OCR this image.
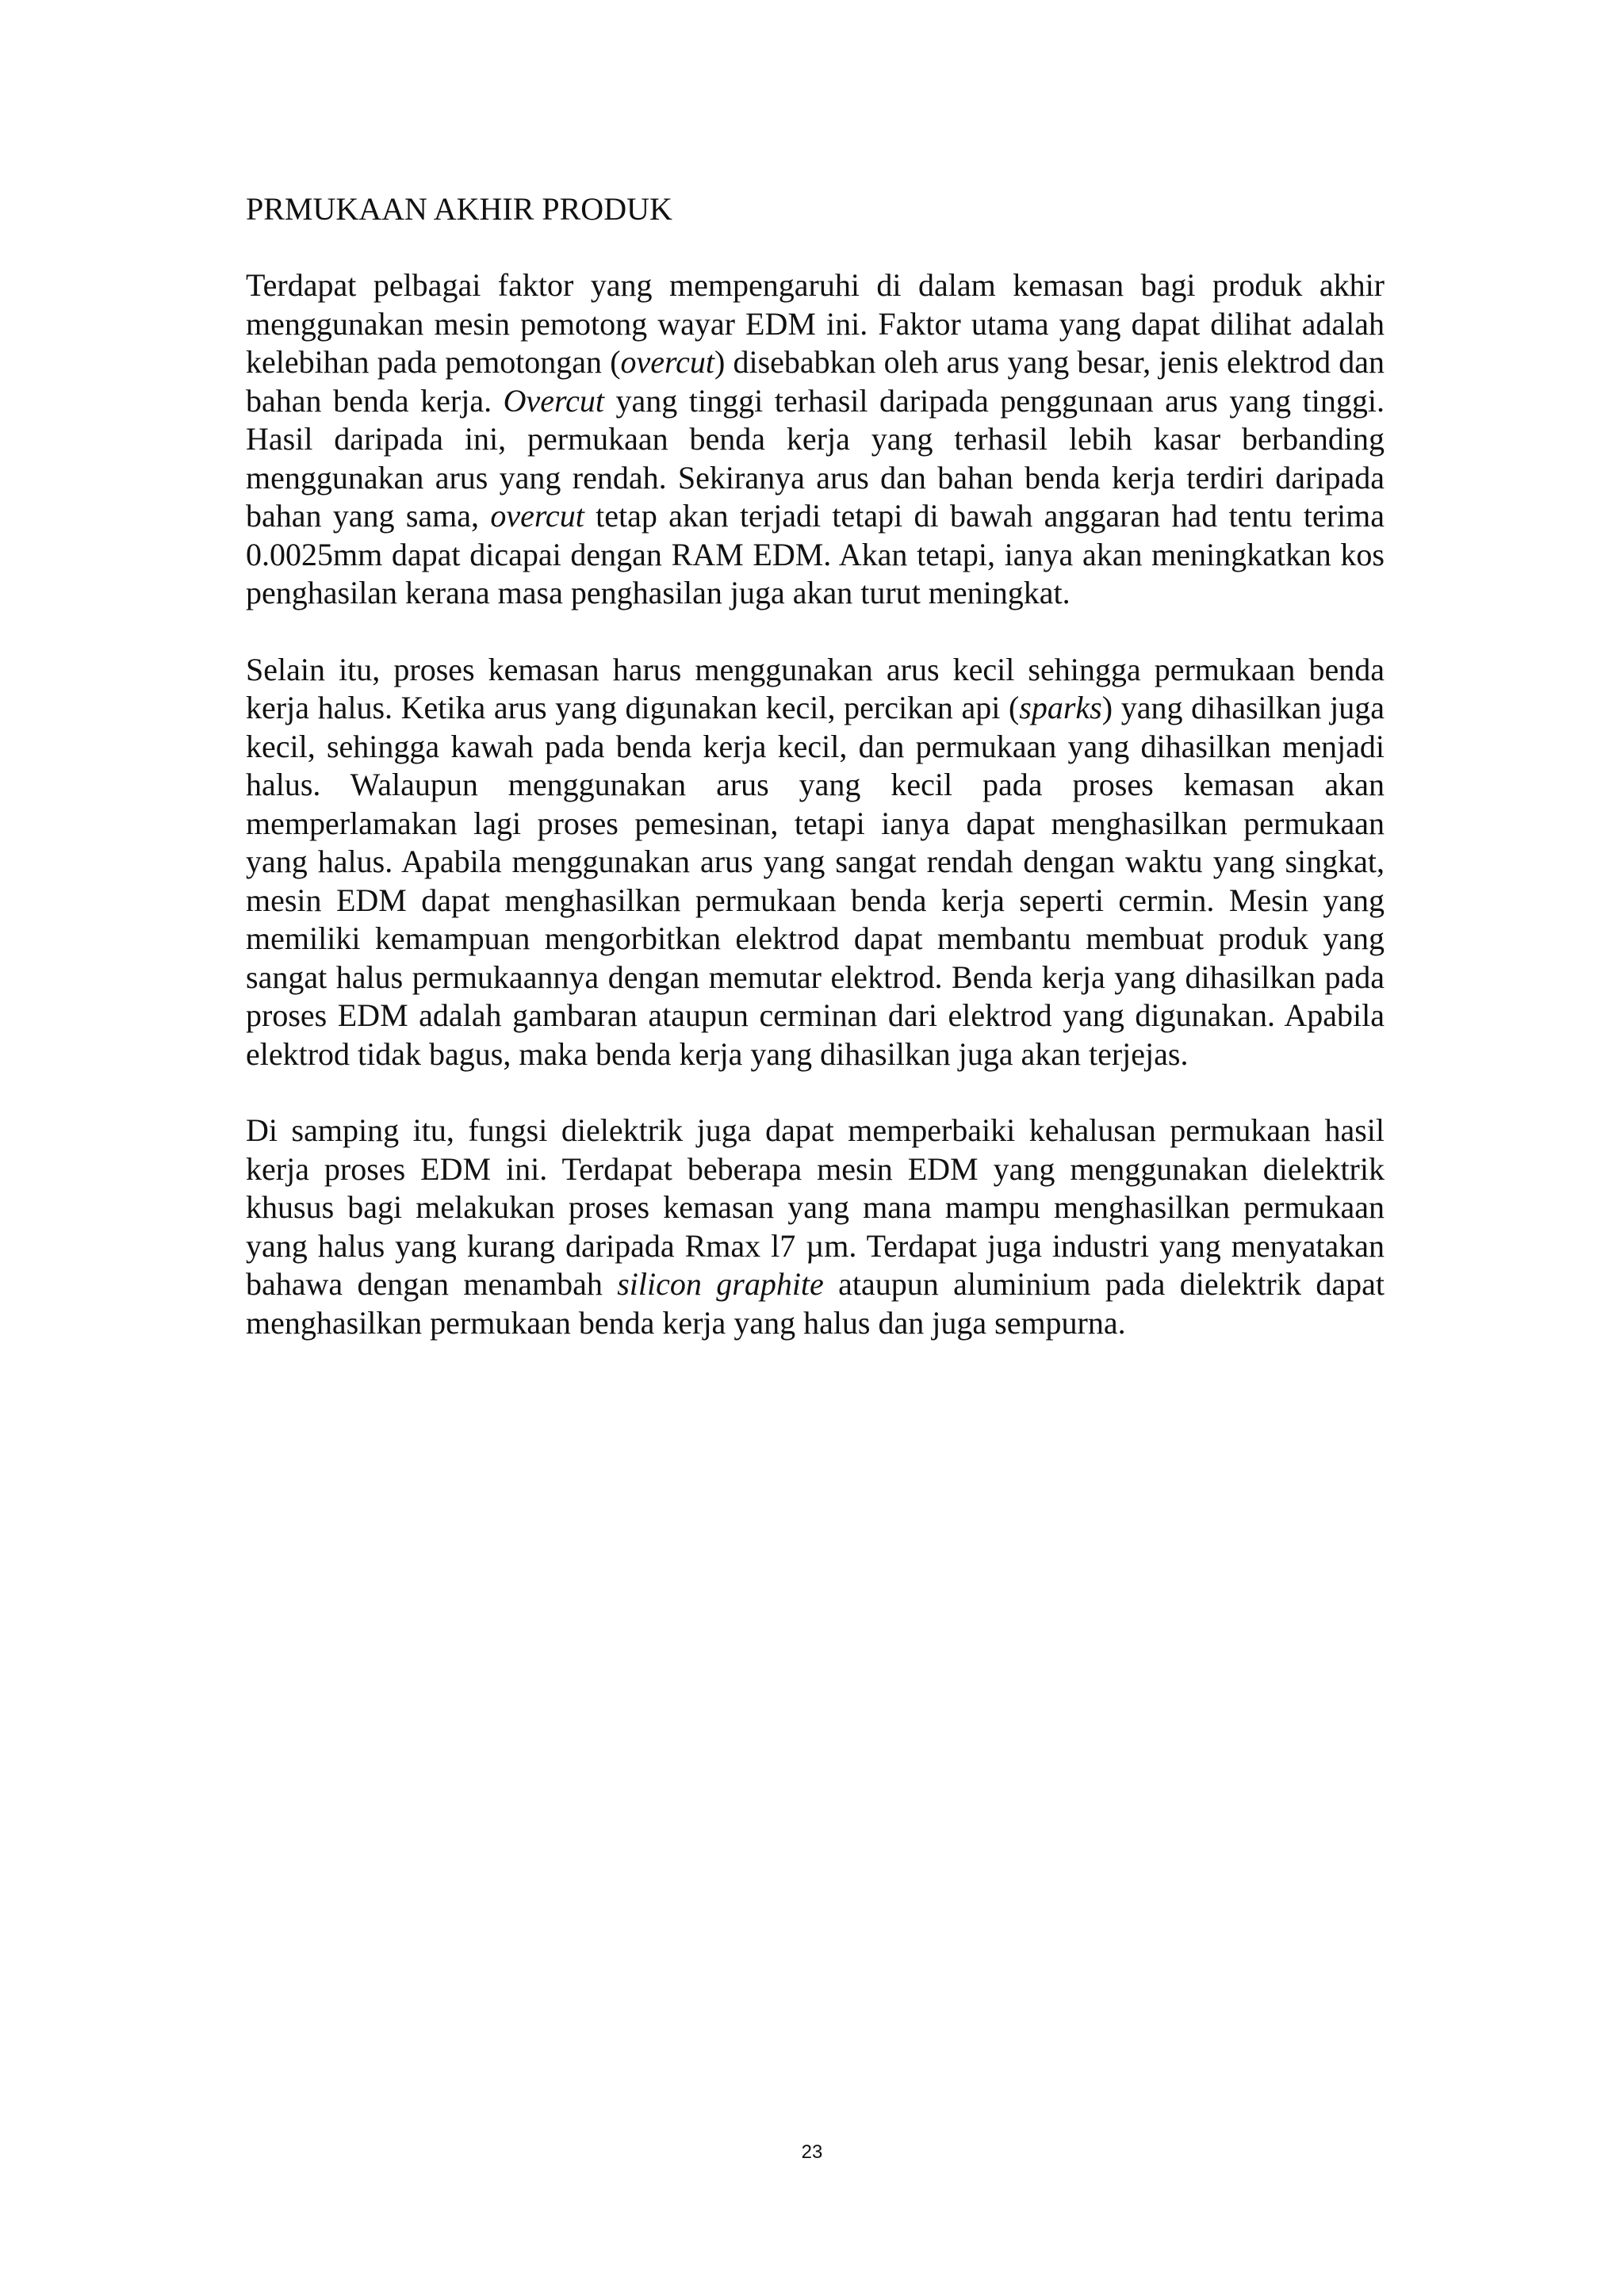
PRMUKAAN AKHIR PRODUK

Terdapat pelbagai faktor yang mempengaruhi di dalam kemasan bagi produk akhir menggunakan mesin pemotong wayar EDM ini. Faktor utama yang dapat dilihat adalah kelebihan pada pemotongan (overcut) disebabkan oleh arus yang besar, jenis elektrod dan bahan benda kerja. Overcut yang tinggi terhasil daripada penggunaan arus yang tinggi. Hasil daripada ini, permukaan benda kerja yang terhasil lebih kasar berbanding menggunakan arus yang rendah. Sekiranya arus dan bahan benda kerja terdiri daripada bahan yang sama, overcut tetap akan terjadi tetapi di bawah anggaran had tentu terima 0.0025mm dapat dicapai dengan RAM EDM. Akan tetapi, ianya akan meningkatkan kos penghasilan kerana masa penghasilan juga akan turut meningkat.

Selain itu, proses kemasan harus menggunakan arus kecil sehingga permukaan benda kerja halus. Ketika arus yang digunakan kecil, percikan api (sparks) yang dihasilkan juga kecil, sehingga kawah pada benda kerja kecil, dan permukaan yang dihasilkan menjadi halus. Walaupun menggunakan arus yang kecil pada proses kemasan akan memperlamakan lagi proses pemesinan, tetapi ianya dapat menghasilkan permukaan yang halus. Apabila menggunakan arus yang sangat rendah dengan waktu yang singkat, mesin EDM dapat menghasilkan permukaan benda kerja seperti cermin. Mesin yang memiliki kemampuan mengorbitkan elektrod dapat membantu membuat produk yang sangat halus permukaannya dengan memutar elektrod. Benda kerja yang dihasilkan pada proses EDM adalah gambaran ataupun cerminan dari elektrod yang digunakan. Apabila elektrod tidak bagus, maka benda kerja yang dihasilkan juga akan terjejas.

Di samping itu, fungsi dielektrik juga dapat memperbaiki kehalusan permukaan hasil kerja proses EDM ini. Terdapat beberapa mesin EDM yang menggunakan dielektrik khusus bagi melakukan proses kemasan yang mana mampu menghasilkan permukaan yang halus yang kurang daripada Rmax l7 µm. Terdapat juga industri yang menyatakan bahawa dengan menambah silicon graphite ataupun aluminium pada dielektrik dapat menghasilkan permukaan benda kerja yang halus dan juga sempurna.

23
